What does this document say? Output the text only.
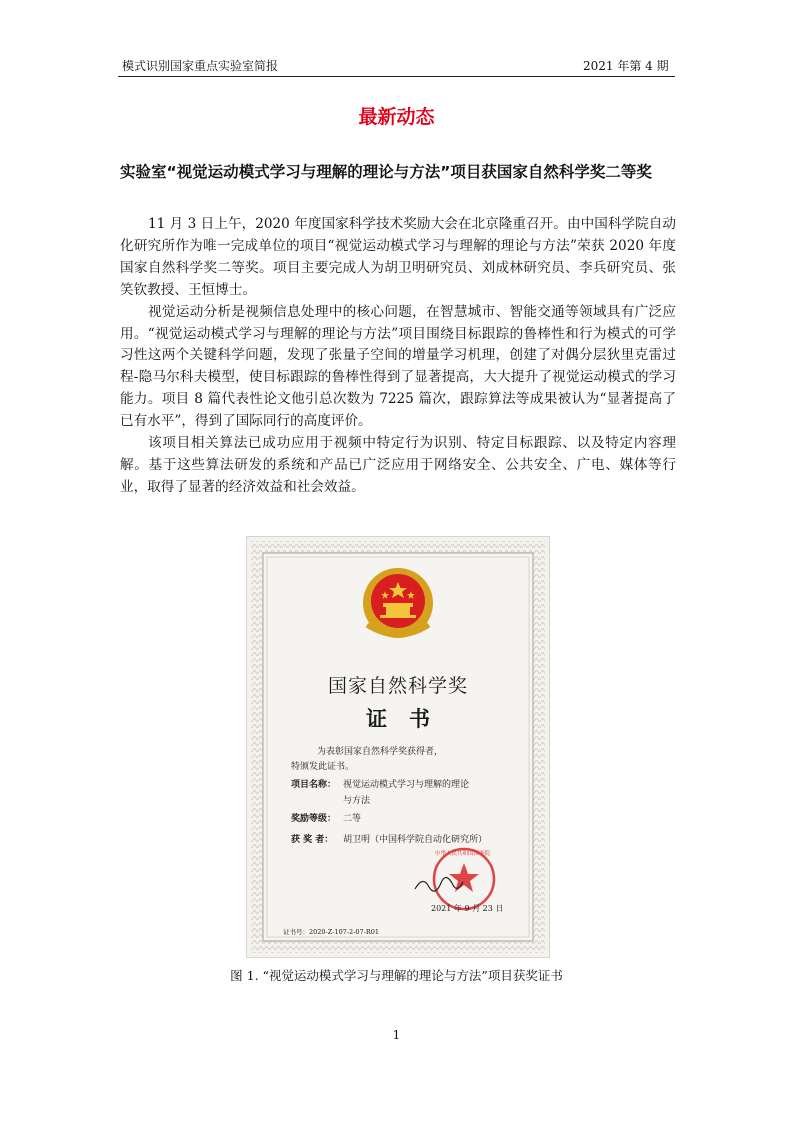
模式识别国家重点实验室简报	2021 年第 4 期
最新动态
实验室“视觉运动模式学习与理解的理论与方法”项目获国家自然科学奖二等奖

11 月 3 日上午，2020 年度国家科学技术奖励大会在北京隆重召开。由中国科学院自动化研究所作为唯一完成单位的项目“视觉运动模式学习与理解的理论与方法”荣获 2020 年度国家自然科学奖二等奖。项目主要完成人为胡卫明研究员、刘成林研究员、李兵研究员、张笑钦教授、王恒博士。

视觉运动分析是视频信息处理中的核心问题，在智慧城市、智能交通等领域具有广泛应用。“视觉运动模式学习与理解的理论与方法”项目围绕目标跟踪的鲁棒性和行为模式的可学习性这两个关键科学问题，发现了张量子空间的增量学习机理，创建了对偶分层狄里克雷过程-隐马尔科夫模型，使目标跟踪的鲁棒性得到了显著提高，大大提升了视觉运动模式的学习能力。项目 8 篇代表性论文他引总次数为 7225 篇次，跟踪算法等成果被认为“显著提高了已有水平”，得到了国际同行的高度评价。

该项目相关算法已成功应用于视频中特定行为识别、特定目标跟踪、以及特定内容理解。基于这些算法研发的系统和产品已广泛应用于网络安全、公共安全、广电、媒体等行业，取得了显著的经济效益和社会效益。

国家自然科学奖
证书
为表彰国家自然科学奖获得者，
特颁发此证书。
项目名称： 视觉运动模式学习与理解的理论
与方法
奖励等级： 二等
获 奖 者： 胡卫明（中国科学院自动化研究所）
中华人民共和国国务院
2021 年 9 月 23 日
证书号：2020-Z-107-2-07-R01
图 1. “视觉运动模式学习与理解的理论与方法”项目获奖证书
1
